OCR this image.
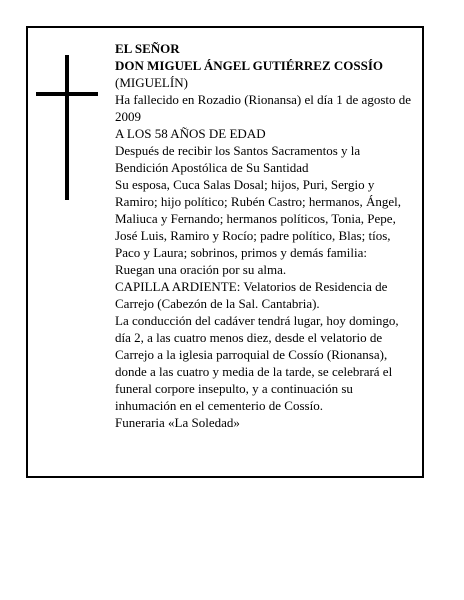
EL SEÑOR
DON MIGUEL ÁNGEL GUTIÉRREZ COSSÍO
(MIGUELÍN)
Ha fallecido en Rozadio (Rionansa) el día 1 de agosto de 2009
A LOS 58 AÑOS DE EDAD
Después de recibir los Santos Sacramentos y la Bendición Apostólica de Su Santidad
Su esposa, Cuca Salas Dosal; hijos, Puri, Sergio y Ramiro; hijo político; Rubén Castro; hermanos, Ángel, Maliuca y Fernando; hermanos políticos, Tonia, Pepe, José Luis, Ramiro y Rocío; padre político, Blas; tíos, Paco y Laura; sobrinos, primos y demás familia:
Ruegan una oración por su alma.
CAPILLA ARDIENTE: Velatorios de Residencia de Carrejo (Cabezón de la Sal. Cantabria).
La conducción del cadáver tendrá lugar, hoy domingo, día 2, a las cuatro menos diez, desde el velatorio de Carrejo a la iglesia parroquial de Cossío (Rionansa), donde a las cuatro y media de la tarde, se celebrará el funeral corpore insepulto, y a continuación su inhumación en el cementerio de Cossío.
Funeraria «La Soledad»
